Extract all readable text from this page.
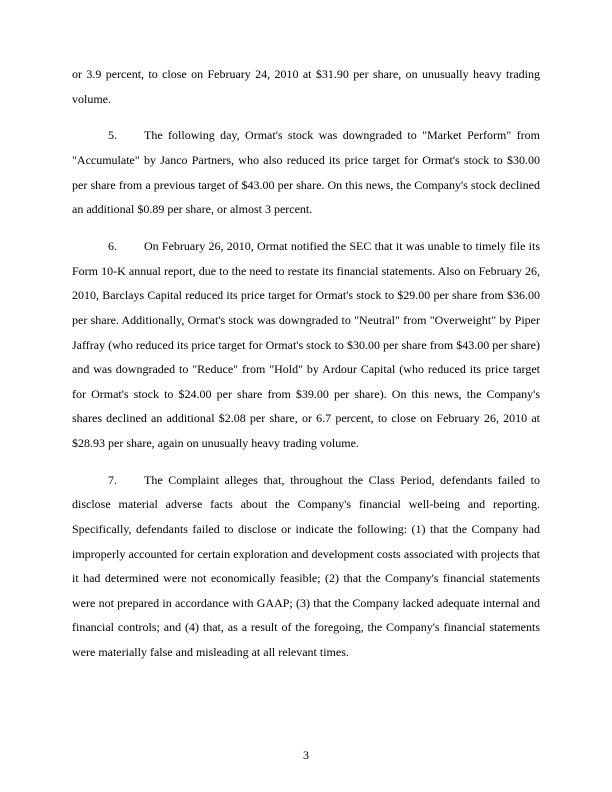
or 3.9 percent, to close on February 24, 2010 at $31.90 per share, on unusually heavy trading volume.

5. The following day, Ormat's stock was downgraded to "Market Perform" from "Accumulate" by Janco Partners, who also reduced its price target for Ormat's stock to $30.00 per share from a previous target of $43.00 per share. On this news, the Company's stock declined an additional $0.89 per share, or almost 3 percent.

6. On February 26, 2010, Ormat notified the SEC that it was unable to timely file its Form 10-K annual report, due to the need to restate its financial statements. Also on February 26, 2010, Barclays Capital reduced its price target for Ormat's stock to $29.00 per share from $36.00 per share. Additionally, Ormat's stock was downgraded to "Neutral" from "Overweight" by Piper Jaffray (who reduced its price target for Ormat's stock to $30.00 per share from $43.00 per share) and was downgraded to "Reduce" from "Hold" by Ardour Capital (who reduced its price target for Ormat's stock to $24.00 per share from $39.00 per share). On this news, the Company's shares declined an additional $2.08 per share, or 6.7 percent, to close on February 26, 2010 at $28.93 per share, again on unusually heavy trading volume.

7. The Complaint alleges that, throughout the Class Period, defendants failed to disclose material adverse facts about the Company's financial well-being and reporting. Specifically, defendants failed to disclose or indicate the following: (1) that the Company had improperly accounted for certain exploration and development costs associated with projects that it had determined were not economically feasible; (2) that the Company's financial statements were not prepared in accordance with GAAP; (3) that the Company lacked adequate internal and financial controls; and (4) that, as a result of the foregoing, the Company's financial statements were materially false and misleading at all relevant times.

3
